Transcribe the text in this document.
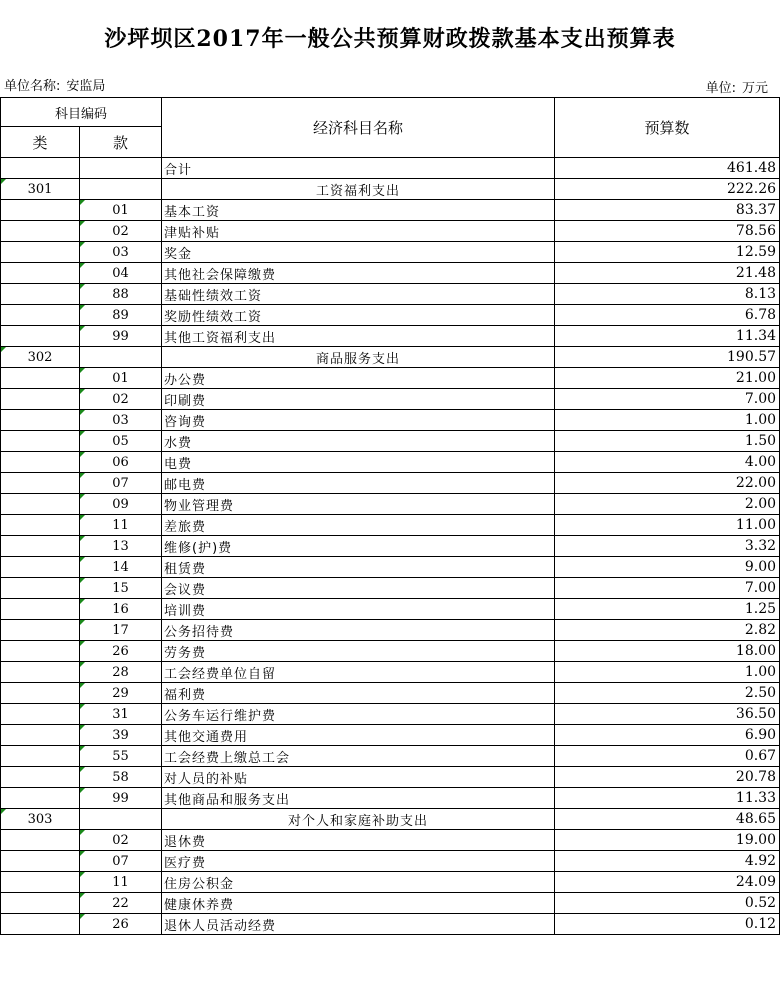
沙坪坝区2017年一般公共预算财政拨款基本支出预算表
单位名称: 安监局	单位: 万元
科目编码		经济科目名称	预算数
类	款		
		合计	461.48
301		工资福利支出	222.26
	01	基本工资	83.37
	02	津贴补贴	78.56
	03	奖金	12.59
	04	其他社会保障缴费	21.48
	88	基础性绩效工资	8.13
	89	奖励性绩效工资	6.78
	99	其他工资福利支出	11.34
302		商品服务支出	190.57
	01	办公费	21.00
	02	印刷费	7.00
	03	咨询费	1.00
	05	水费	1.50
	06	电费	4.00
	07	邮电费	22.00
	09	物业管理费	2.00
	11	差旅费	11.00
	13	维修(护)费	3.32
	14	租赁费	9.00
	15	会议费	7.00
	16	培训费	1.25
	17	公务招待费	2.82
	26	劳务费	18.00
	28	工会经费单位自留	1.00
	29	福利费	2.50
	31	公务车运行维护费	36.50
	39	其他交通费用	6.90
	55	工会经费上缴总工会	0.67
	58	对人员的补贴	20.78
	99	其他商品和服务支出	11.33
303		对个人和家庭补助支出	48.65
	02	退休费	19.00
	07	医疗费	4.92
	11	住房公积金	24.09
	22	健康休养费	0.52
	26	退休人员活动经费	0.12
